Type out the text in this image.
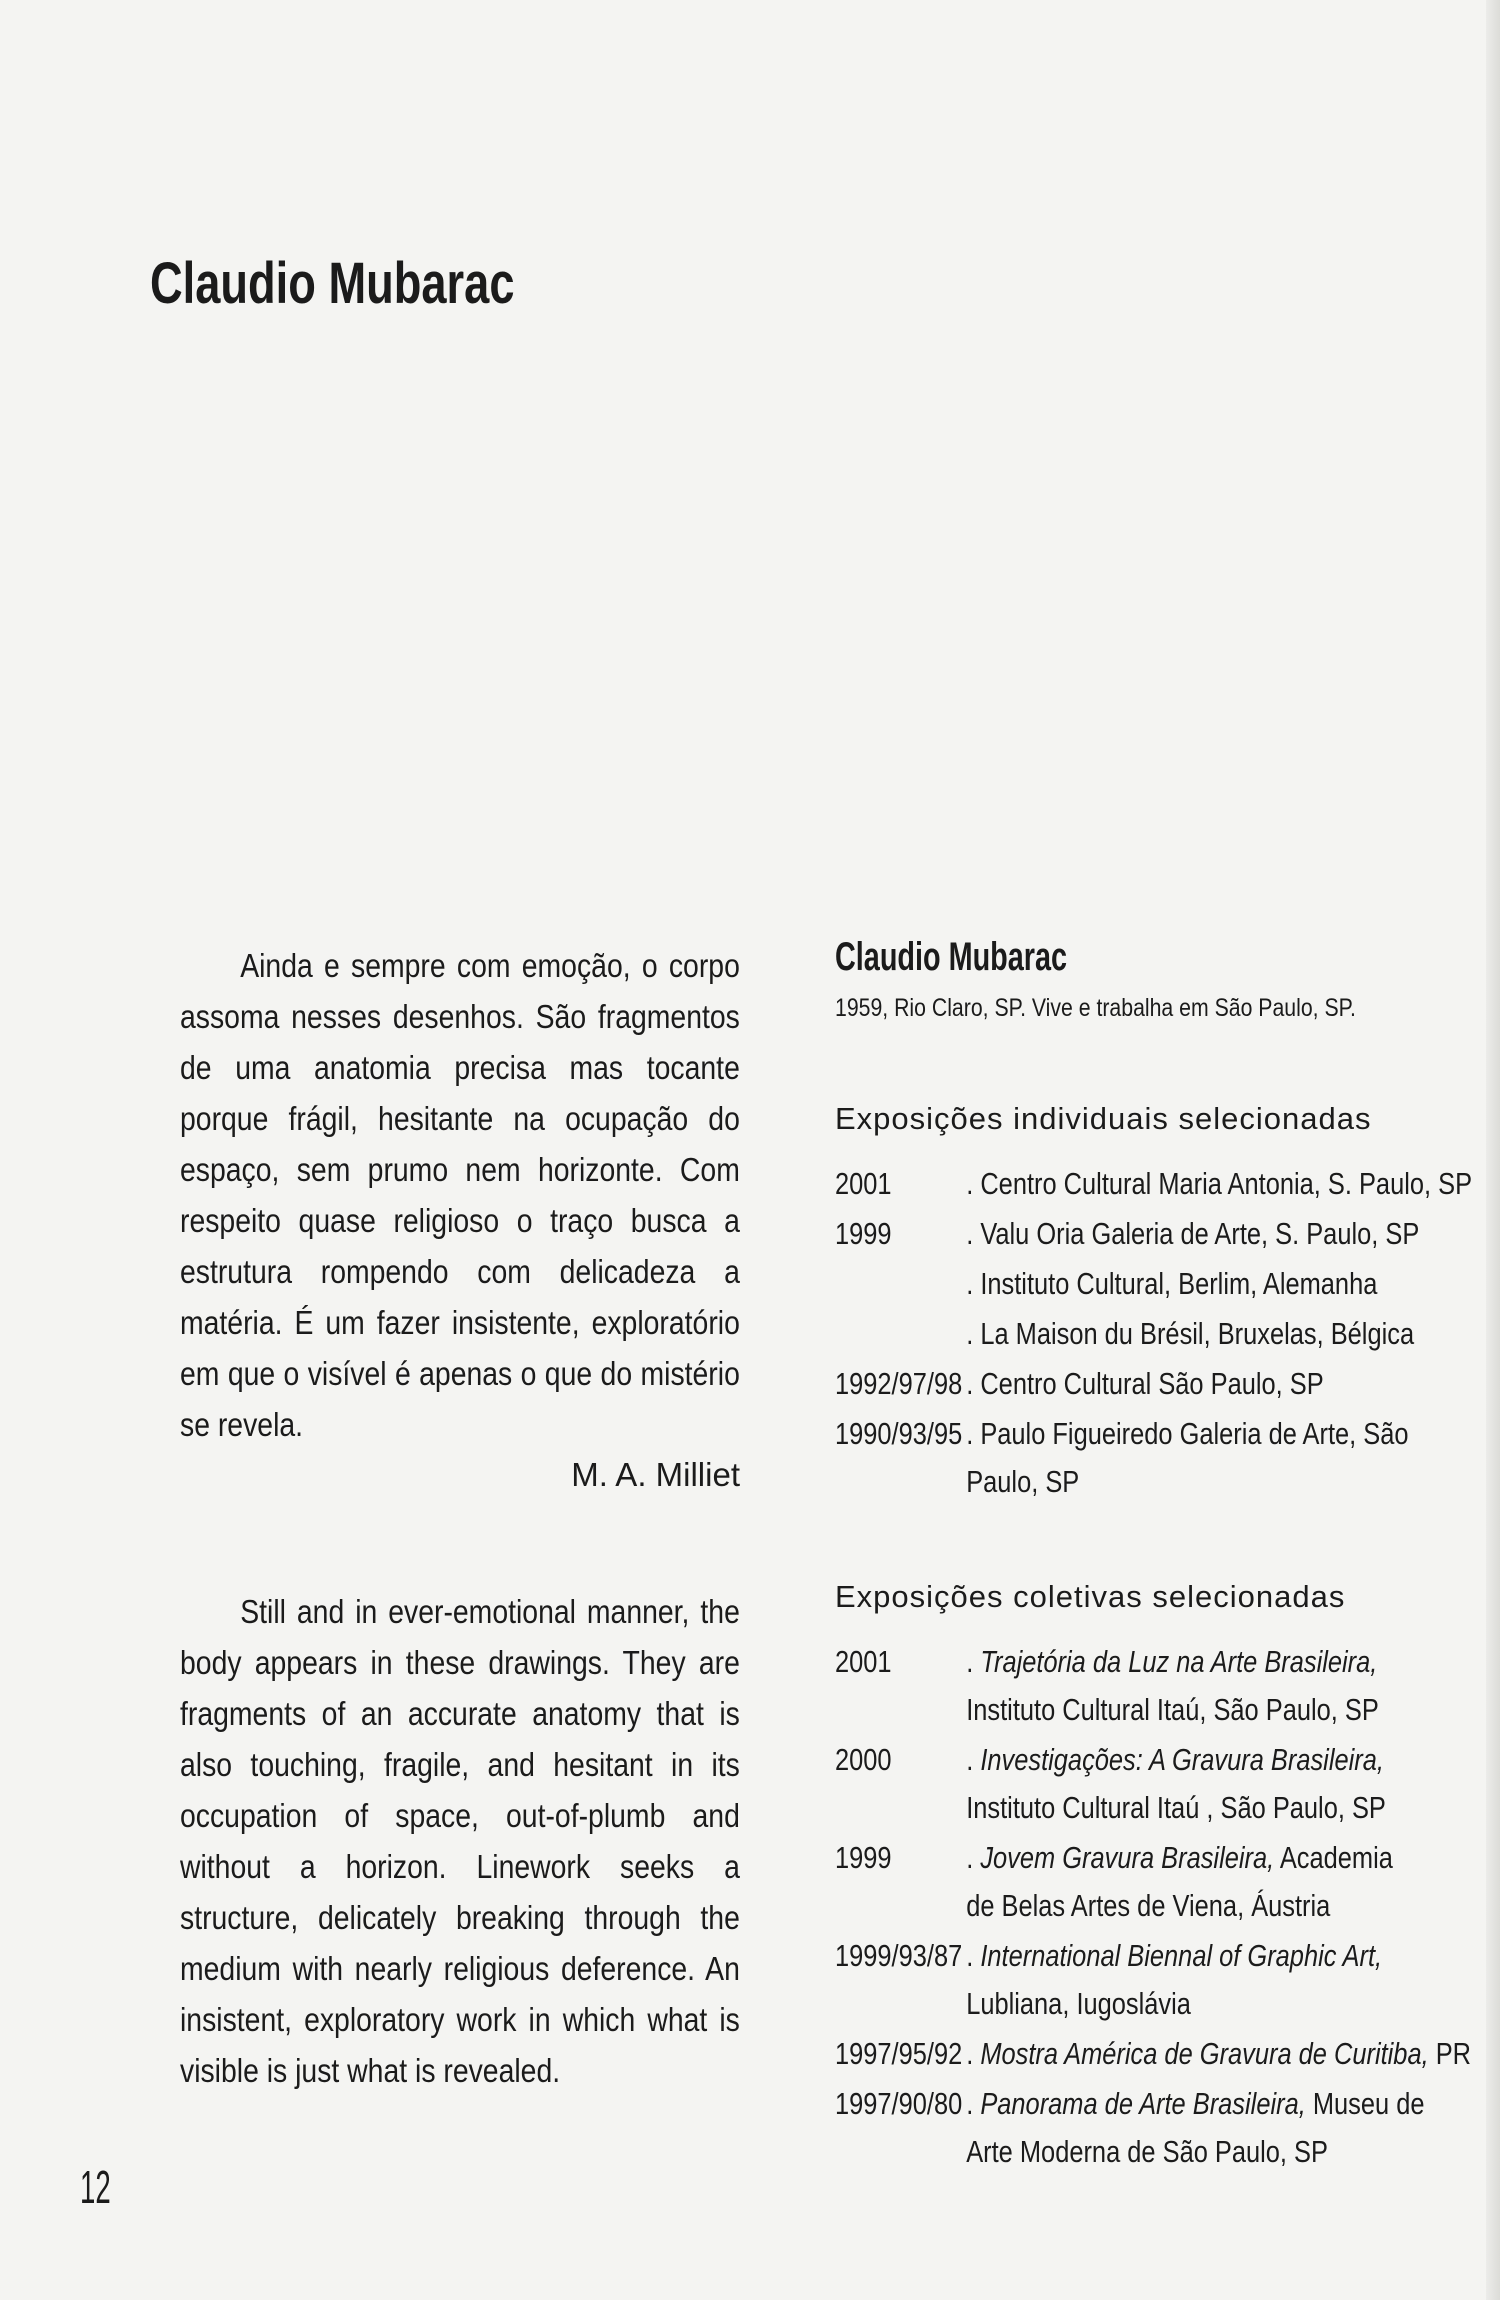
Claudio Mubarac
Ainda e sempre com emoção, o corpo assoma nesses desenhos. São fragmentos de uma anatomia precisa mas tocante porque frágil, hesitante na ocupação do espaço, sem prumo nem horizonte. Com respeito quase religioso o traço busca a estrutura rompendo com delicadeza a matéria. É um fazer insistente, exploratório em que o visível é apenas o que do mistério se revela.
M. A. Milliet
Still and in ever-emotional manner, the body appears in these drawings. They are fragments of an accurate anatomy that is also touching, fragile, and hesitant in its occupation of space, out-of-plumb and without a horizon. Linework seeks a structure, delicately breaking through the medium with nearly religious deference. An insistent, exploratory work in which what is visible is just what is revealed.
12
Claudio Mubarac
1959, Rio Claro, SP. Vive e trabalha em São Paulo, SP.
Exposições individuais selecionadas
2001	. Centro Cultural Maria Antonia, S. Paulo, SP
1999	. Valu Oria Galeria de Arte, S. Paulo, SP
. Instituto Cultural, Berlim, Alemanha
. La Maison du Brésil, Bruxelas, Bélgica
1992/97/98 . Centro Cultural São Paulo, SP
1990/93/95 . Paulo Figueiredo Galeria de Arte, São
Paulo, SP
Exposições coletivas selecionadas
2001	. Trajetória da Luz na Arte Brasileira,
Instituto Cultural Itaú, São Paulo, SP
2000	. Investigações: A Gravura Brasileira,
Instituto Cultural Itaú , São Paulo, SP
1999	. Jovem Gravura Brasileira, Academia
de Belas Artes de Viena, Áustria
1999/93/87 . International Biennal of Graphic Art,
Lubliana, Iugoslávia
1997/95/92 . Mostra América de Gravura de Curitiba, PR
1997/90/80 . Panorama de Arte Brasileira, Museu de
Arte Moderna de São Paulo, SP
